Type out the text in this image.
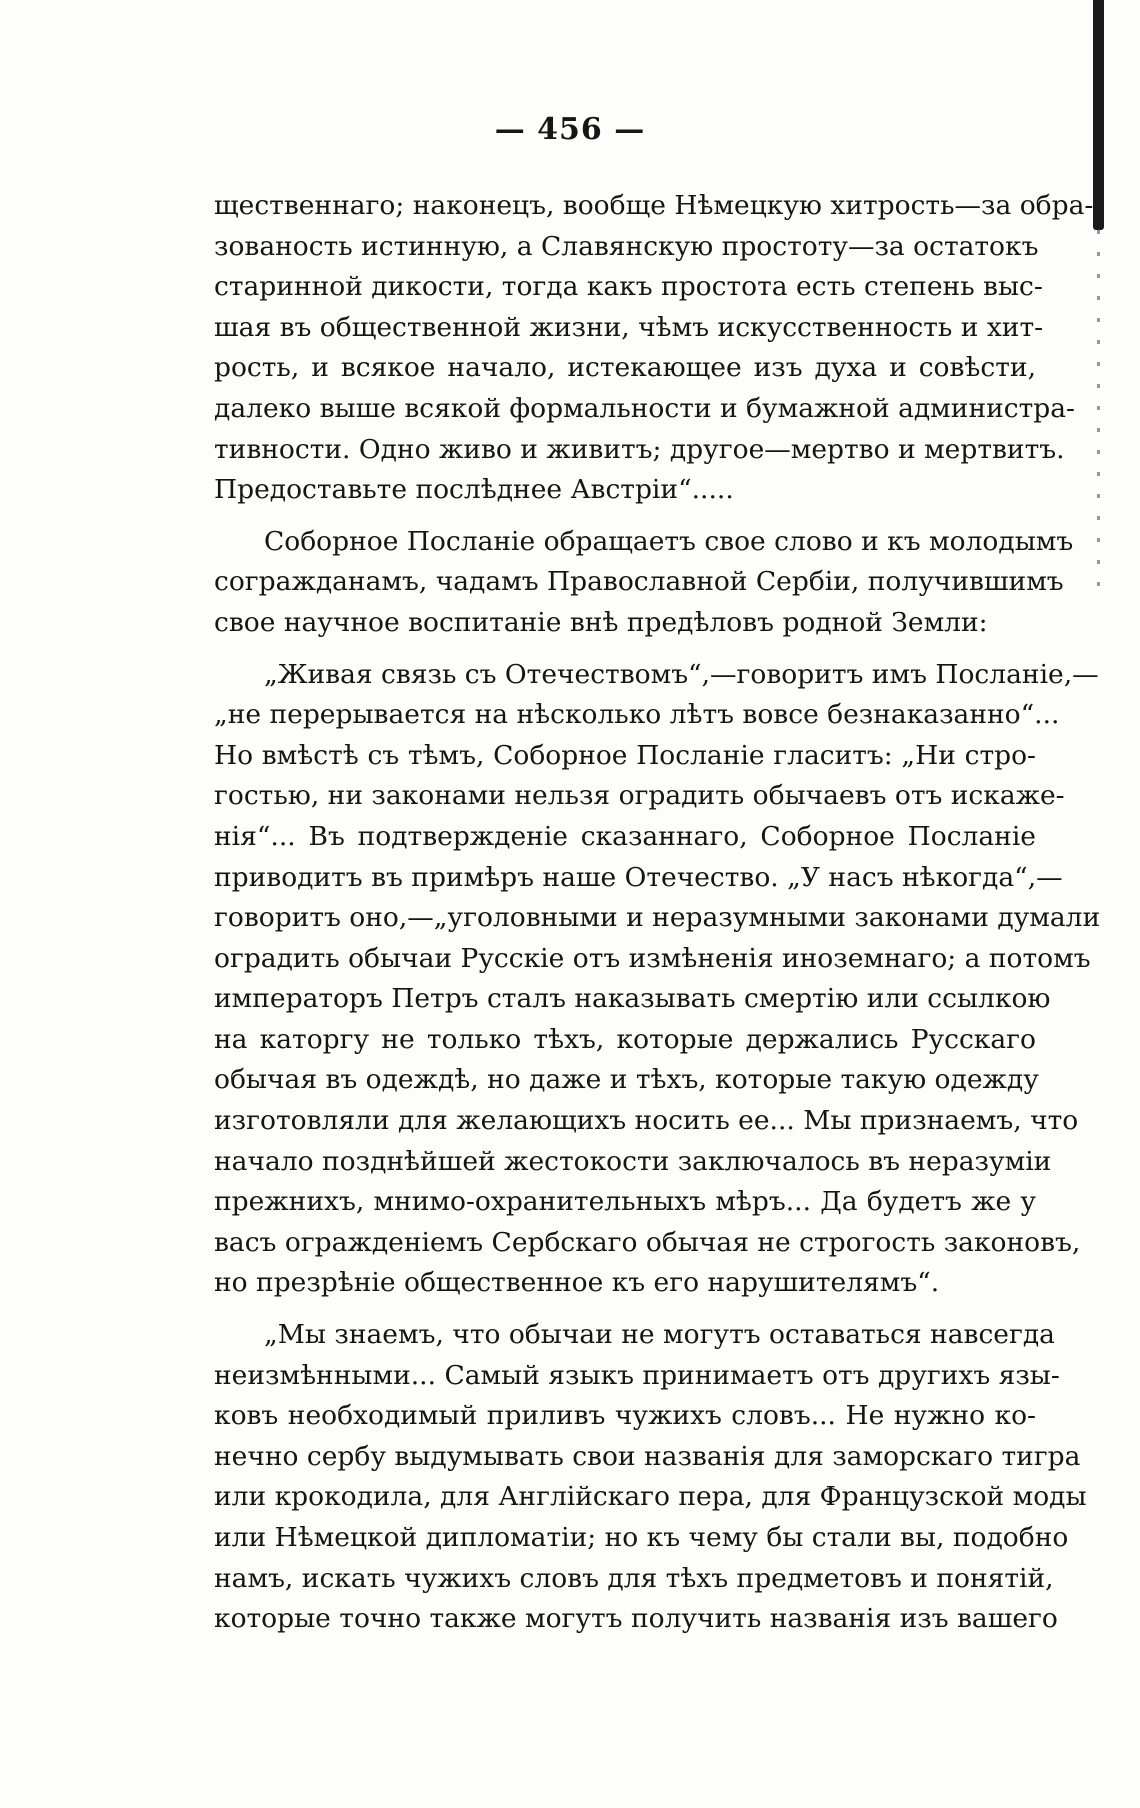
— 456 —
щественнаго; наконецъ, вообще Нѣмецкую хитрость—за обра-
зованость истинную, а Славянскую простоту—за остатокъ
старинной дикости, тогда какъ простота есть степень выс-
шая въ общественной жизни, чѣмъ искусственность и хит-
рость, и всякое начало, истекающее изъ духа и совѣсти,
далеко выше всякой формальности и бумажной администра-
тивности. Одно живо и живитъ; другое—мертво и мертвитъ.
Предоставьте послѣднее Австріи“.....
Соборное Посланіе обращаетъ свое слово и къ молодымъ
согражданамъ, чадамъ Православной Сербіи, получившимъ
свое научное воспитаніе внѣ предѣловъ родной Земли:
„Живая связь съ Отечествомъ“,—говоритъ имъ Посланіе,—
„не перерывается на нѣсколько лѣтъ вовсе безнаказанно“...
Но вмѣстѣ съ тѣмъ, Соборное Посланіе гласитъ: „Ни стро-
гостью, ни законами нельзя оградить обычаевъ отъ искаже-
нія“... Въ подтвержденіе сказаннаго, Соборное Посланіе
приводитъ въ примѣръ наше Отечество. „У насъ нѣкогда“,—
говоритъ оно,—„уголовными и неразумными законами думали
оградить обычаи Русскіе отъ измѣненія иноземнаго; а потомъ
императоръ Петръ сталъ наказывать смертію или ссылкою
на каторгу не только тѣхъ, которые держались Русскаго
обычая въ одеждѣ, но даже и тѣхъ, которые такую одежду
изготовляли для желающихъ носить ее... Мы признаемъ, что
начало позднѣйшей жестокости заключалось въ неразуміи
прежнихъ, мнимо-охранительныхъ мѣръ... Да будетъ же у
васъ огражденіемъ Сербскаго обычая не строгость законовъ,
но презрѣніе общественное къ его нарушителямъ“.
„Мы знаемъ, что обычаи не могутъ оставаться навсегда
неизмѣнными... Самый языкъ принимаетъ отъ другихъ язы-
ковъ необходимый приливъ чужихъ словъ... Не нужно ко-
нечно сербу выдумывать свои названія для заморскаго тигра
или крокодила, для Англійскаго пера, для Французской моды
или Нѣмецкой дипломатіи; но къ чему бы стали вы, подобно
намъ, искать чужихъ словъ для тѣхъ предметовъ и понятій,
которые точно также могутъ получить названія изъ вашего
